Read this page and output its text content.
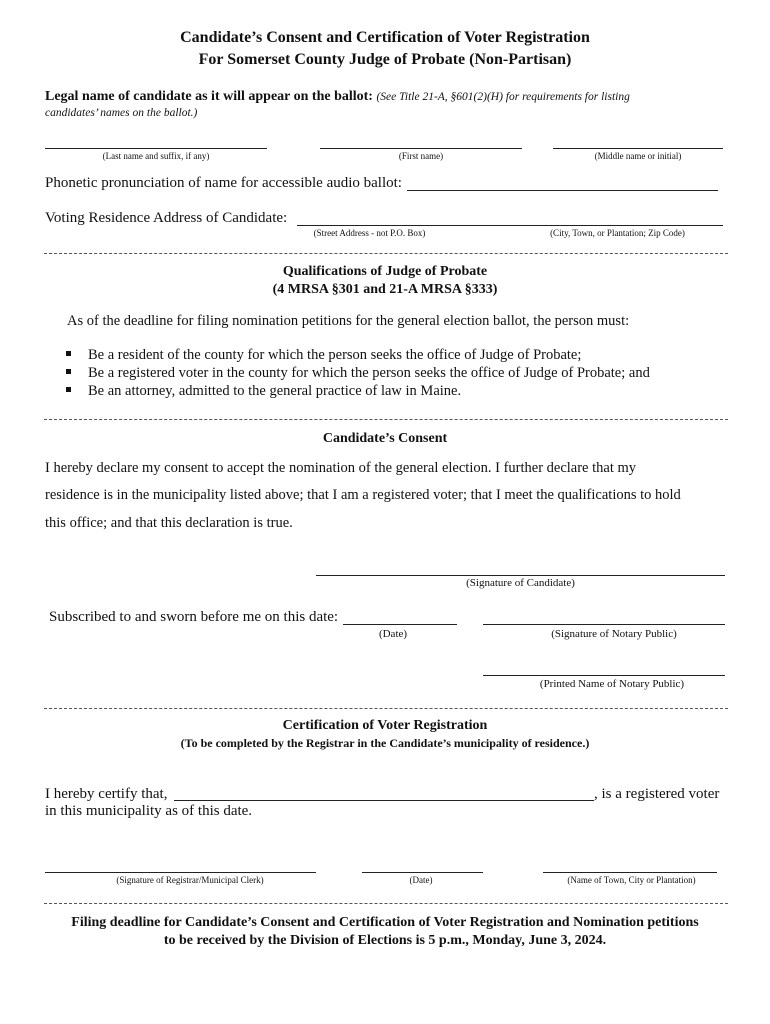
Candidate’s Consent and Certification of Voter Registration
For Somerset County Judge of Probate (Non-Partisan)
Legal name of candidate as it will appear on the ballot: (See Title 21-A, §601(2)(H) for requirements for listing
candidates’ names on the ballot.)
(Last name and suffix, if any)	(First name)	(Middle name or initial)
Phonetic pronunciation of name for accessible audio ballot:
Voting Residence Address of Candidate:
(Street Address - not P.O. Box)	(City, Town, or Plantation; Zip Code)
Qualifications of Judge of Probate
(4 MRSA §301 and 21-A MRSA §333)
As of the deadline for filing nomination petitions for the general election ballot, the person must:
Be a resident of the county for which the person seeks the office of Judge of Probate;
Be a registered voter in the county for which the person seeks the office of Judge of Probate; and
Be an attorney, admitted to the general practice of law in Maine.
Candidate’s Consent
I hereby declare my consent to accept the nomination of the general election. I further declare that my
residence is in the municipality listed above; that I am a registered voter; that I meet the qualifications to hold
this office; and that this declaration is true.
(Signature of Candidate)
Subscribed to and sworn before me on this date:
(Date)	(Signature of Notary Public)
(Printed Name of Notary Public)
Certification of Voter Registration
(To be completed by the Registrar in the Candidate’s municipality of residence.)
I hereby certify that,	, is a registered voter
in this municipality as of this date.
(Signature of Registrar/Municipal Clerk)	(Date)	(Name of Town, City or Plantation)
Filing deadline for Candidate’s Consent and Certification of Voter Registration and Nomination petitions
to be received by the Division of Elections is 5 p.m., Monday, June 3, 2024.
